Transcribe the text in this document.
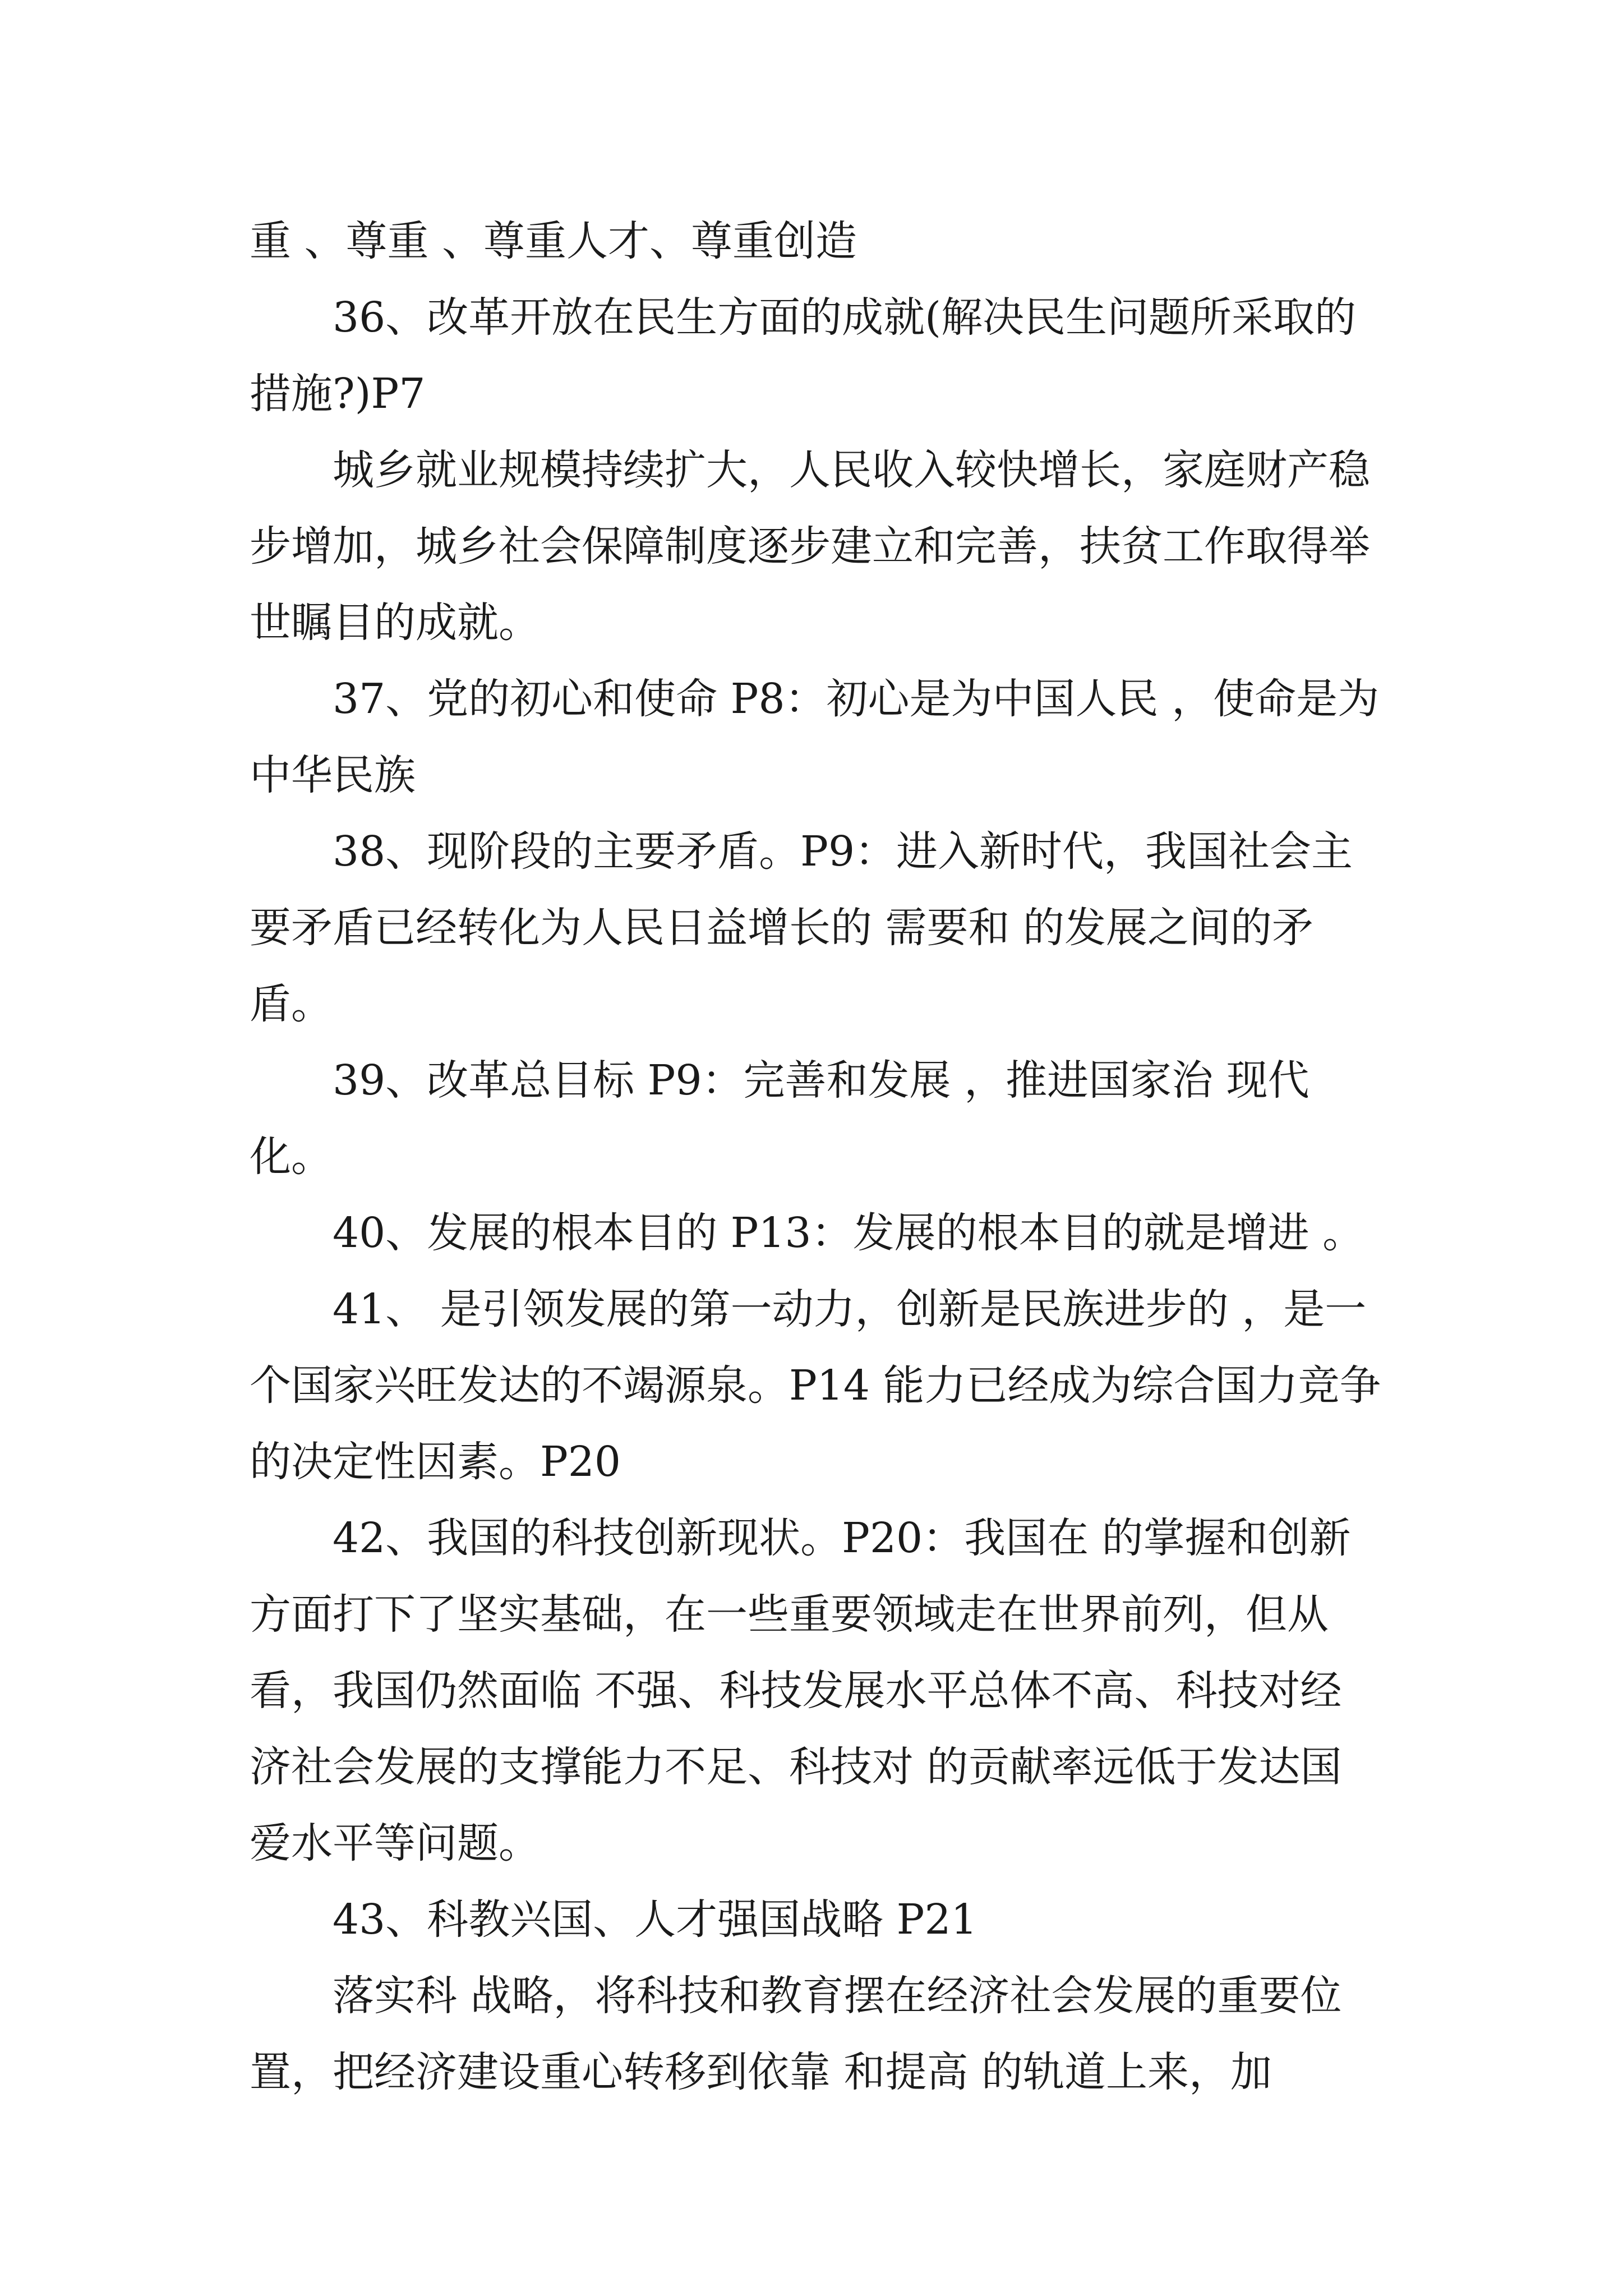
重 、尊重 、尊重人才、尊重创造

36、改革开放在民生方面的成就(解决民生问题所采取的措施?)P7

城乡就业规模持续扩大，人民收入较快增长，家庭财产稳步增加，城乡社会保障制度逐步建立和完善，扶贫工作取得举世瞩目的成就。

37、党的初心和使命 P8：初心是为中国人民 ，使命是为中华民族

38、现阶段的主要矛盾。P9：进入新时代，我国社会主要矛盾已经转化为人民日益增长的 需要和 的发展之间的矛盾。

39、改革总目标 P9：完善和发展 ，推进国家治 现代化。

40、发展的根本目的 P13：发展的根本目的就是增进 。

41、 是引领发展的第一动力，创新是民族进步的 ，是一个国家兴旺发达的不竭源泉。P14 能力已经成为综合国力竞争的决定性因素。P20

42、我国的科技创新现状。P20：我国在 的掌握和创新方面打下了坚实基础，在一些重要领域走在世界前列，但从看，我国仍然面临 不强、科技发展水平总体不高、科技对经济社会发展的支撑能力不足、科技对 的贡献率远低于发达国爱水平等问题。

43、科教兴国、人才强国战略 P21

落实科 战略，将科技和教育摆在经济社会发展的重要位置，把经济建设重心转移到依靠 和提高 的轨道上来，加
